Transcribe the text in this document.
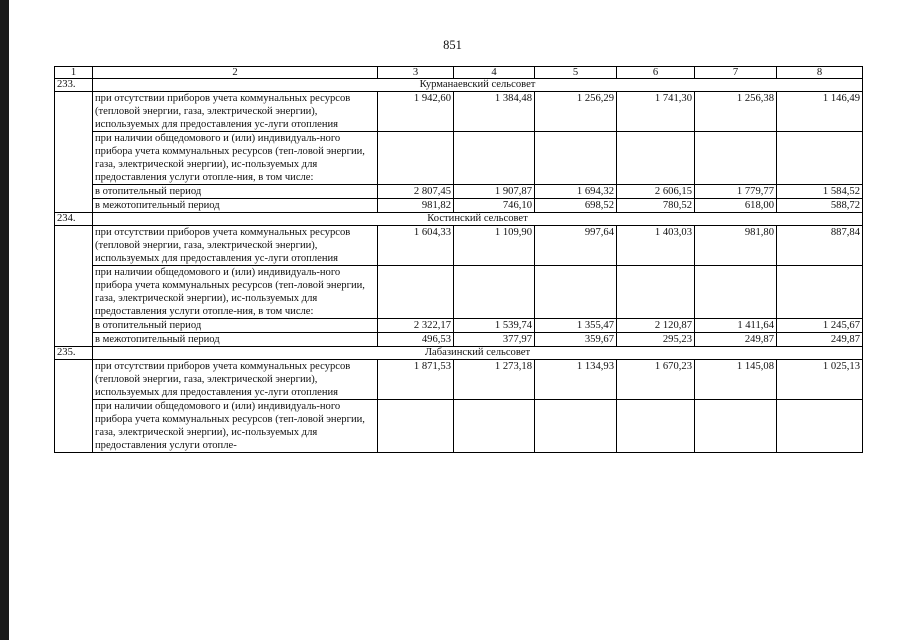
851
1	2	3	4	5	6	7	8
233.	Курманаевский сельсовет						
	при отсутствии приборов учета коммунальных ресурсов (тепловой энергии, газа, электрической энергии), используемых для предоставления ус-луги отопления	1 942,60	1 384,48	1 256,29	1 741,30	1 256,38	1 146,49
	при наличии общедомового и (или) индивидуаль-ного прибора учета коммунальных ресурсов (теп-ловой энергии, газа, электрической энергии), ис-пользуемых для предоставления услуги отопле-ния, в том числе:						
	в отопительный период	2 807,45	1 907,87	1 694,32	2 606,15	1 779,77	1 584,52
	в межотопительный период	981,82	746,10	698,52	780,52	618,00	588,72
234.	Костинский сельсовет						
	при отсутствии приборов учета коммунальных ресурсов (тепловой энергии, газа, электрической энергии), используемых для предоставления ус-луги отопления	1 604,33	1 109,90	997,64	1 403,03	981,80	887,84
	при наличии общедомового и (или) индивидуаль-ного прибора учета коммунальных ресурсов (теп-ловой энергии, газа, электрической энергии), ис-пользуемых для предоставления услуги отопле-ния, в том числе:						
	в отопительный период	2 322,17	1 539,74	1 355,47	2 120,87	1 411,64	1 245,67
	в межотопительный период	496,53	377,97	359,67	295,23	249,87	249,87
235.	Лабазинский сельсовет						
	при отсутствии приборов учета коммунальных ресурсов (тепловой энергии, газа, электрической энергии), используемых для предоставления ус-луги отопления	1 871,53	1 273,18	1 134,93	1 670,23	1 145,08	1 025,13
	при наличии общедомового и (или) индивидуаль-ного прибора учета коммунальных ресурсов (теп-ловой энергии, газа, электрической энергии), ис-пользуемых для предоставления услуги отопле-						
